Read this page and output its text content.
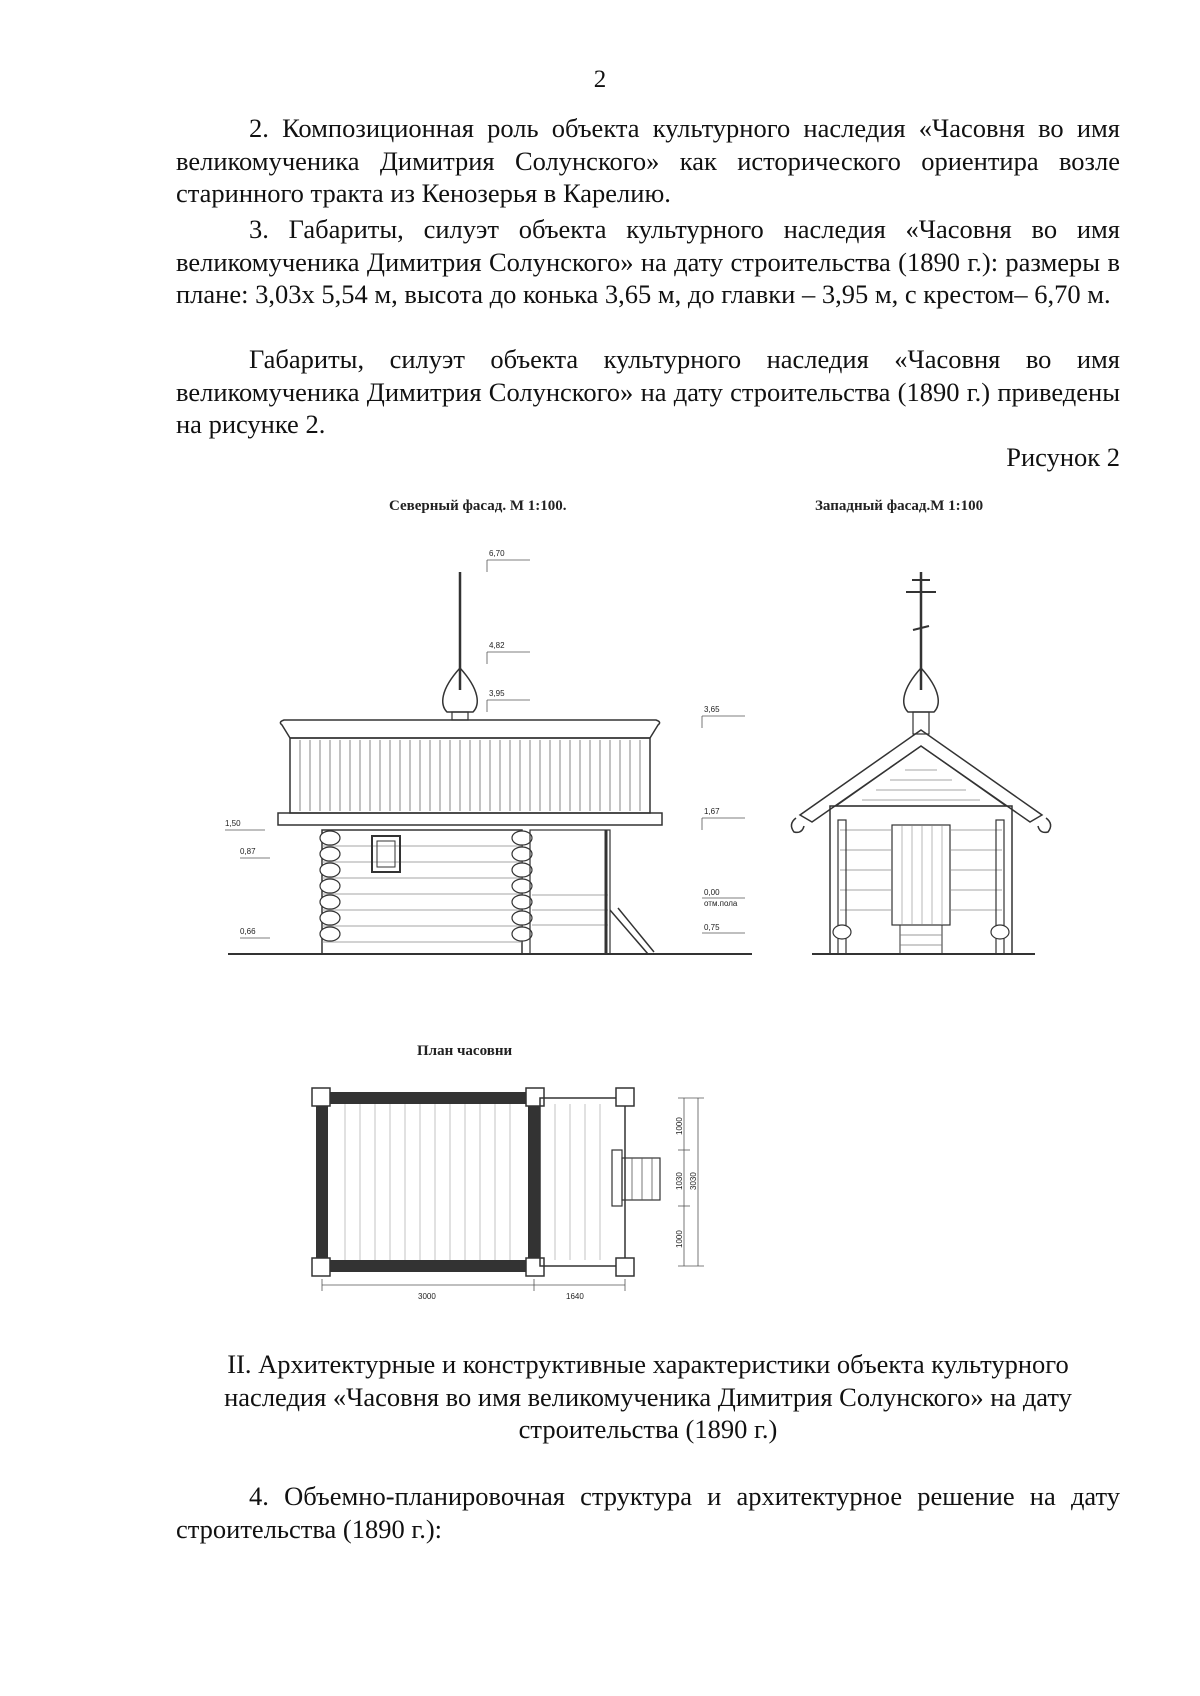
2

2. Композиционная роль объекта культурного наследия «Часовня во имя великомученика Димитрия Солунского» как исторического ориентира возле старинного тракта из Кенозерья в Карелию.

3. Габариты, силуэт объекта культурного наследия «Часовня во имя великомученика Димитрия Солунского» на дату строительства (1890 г.): размеры в плане: 3,03х 5,54 м, высота до конька 3,65 м, до главки – 3,95 м, с крестом– 6,70 м.

Габариты, силуэт объекта культурного наследия «Часовня во имя великомученика Димитрия Солунского» на дату строительства (1890 г.) приведены на рисунке 2.

Рисунок 2
Северный фасад. М 1:100.	Западный фасад.М 1:100
План часовни
6,70
4,82
3,95
3,65
1,67
0,00
отм.пола
0,75
1,50
0,87
0,66
3000	1640
1000
1030
1000
3030

II. Архитектурные и конструктивные характеристики объекта культурного наследия «Часовня во имя великомученика Димитрия Солунского» на дату строительства (1890 г.)

4. Объемно-планировочная структура и архитектурное решение на дату строительства (1890 г.):
